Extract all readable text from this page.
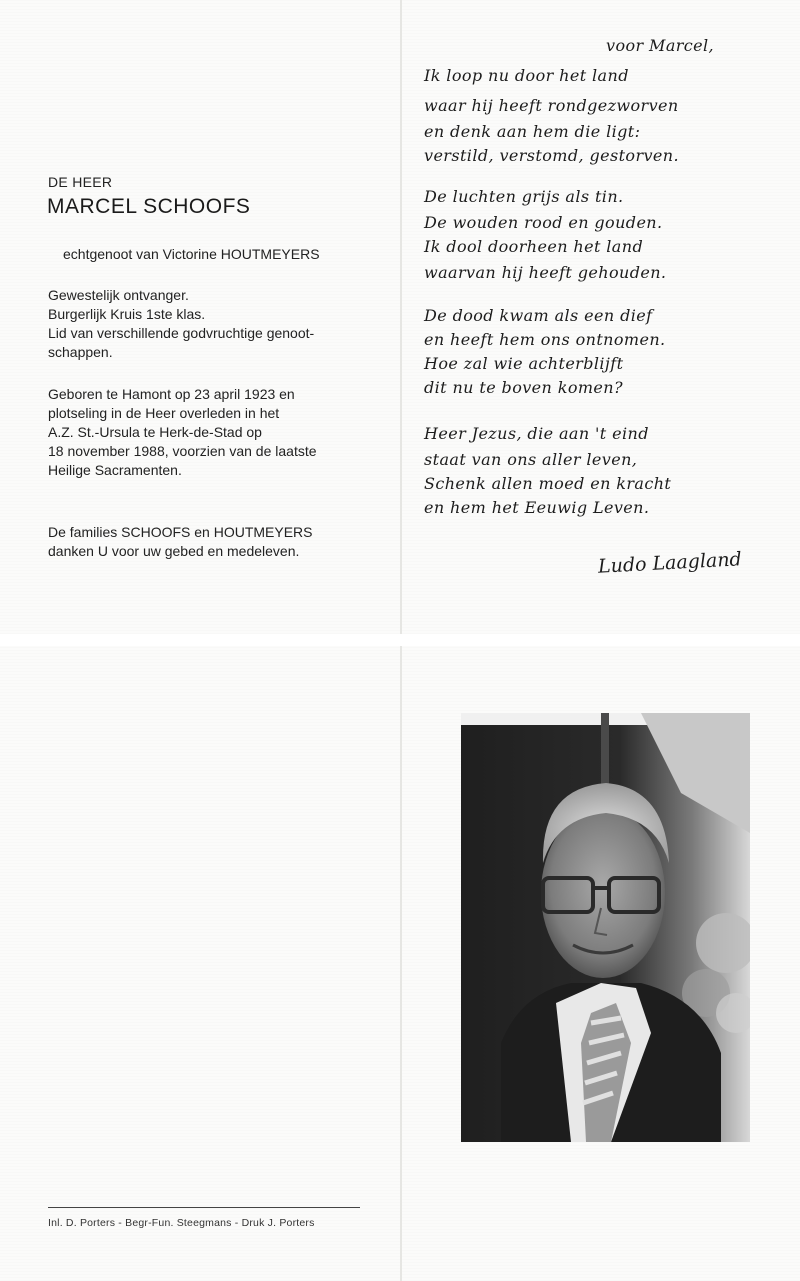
DE HEER
MARCEL SCHOOFS
echtgenoot van Victorine HOUTMEYERS
Gewestelijk ontvanger.
Burgerlijk Kruis 1ste klas.
Lid van verschillende godvruchtige genoot-
schappen.
Geboren te Hamont op 23 april 1923 en
plotseling in de Heer overleden in het
A.Z. St.-Ursula te Herk-de-Stad op
18 november 1988, voorzien van de laatste
Heilige Sacramenten.
De families SCHOOFS en HOUTMEYERS
danken U voor uw gebed en medeleven.
voor Marcel,
Ik loop nu door het land
waar hij heeft rondgezworven
en denk aan hem die ligt:
verstild, verstomd, gestorven.
De luchten grijs als tin.
De wouden rood en gouden.
Ik dool doorheen het land
waarvan hij heeft gehouden.
De dood kwam als een dief
en heeft hem ons ontnomen.
Hoe zal wie achterblijft
dit nu te boven komen?
Heer Jezus, die aan 't eind
staat van ons aller leven,
Schenk allen moed en kracht
en hem het Eeuwig Leven.
Ludo Laagland
Inl. D. Porters - Begr-Fun. Steegmans - Druk J. Porters
